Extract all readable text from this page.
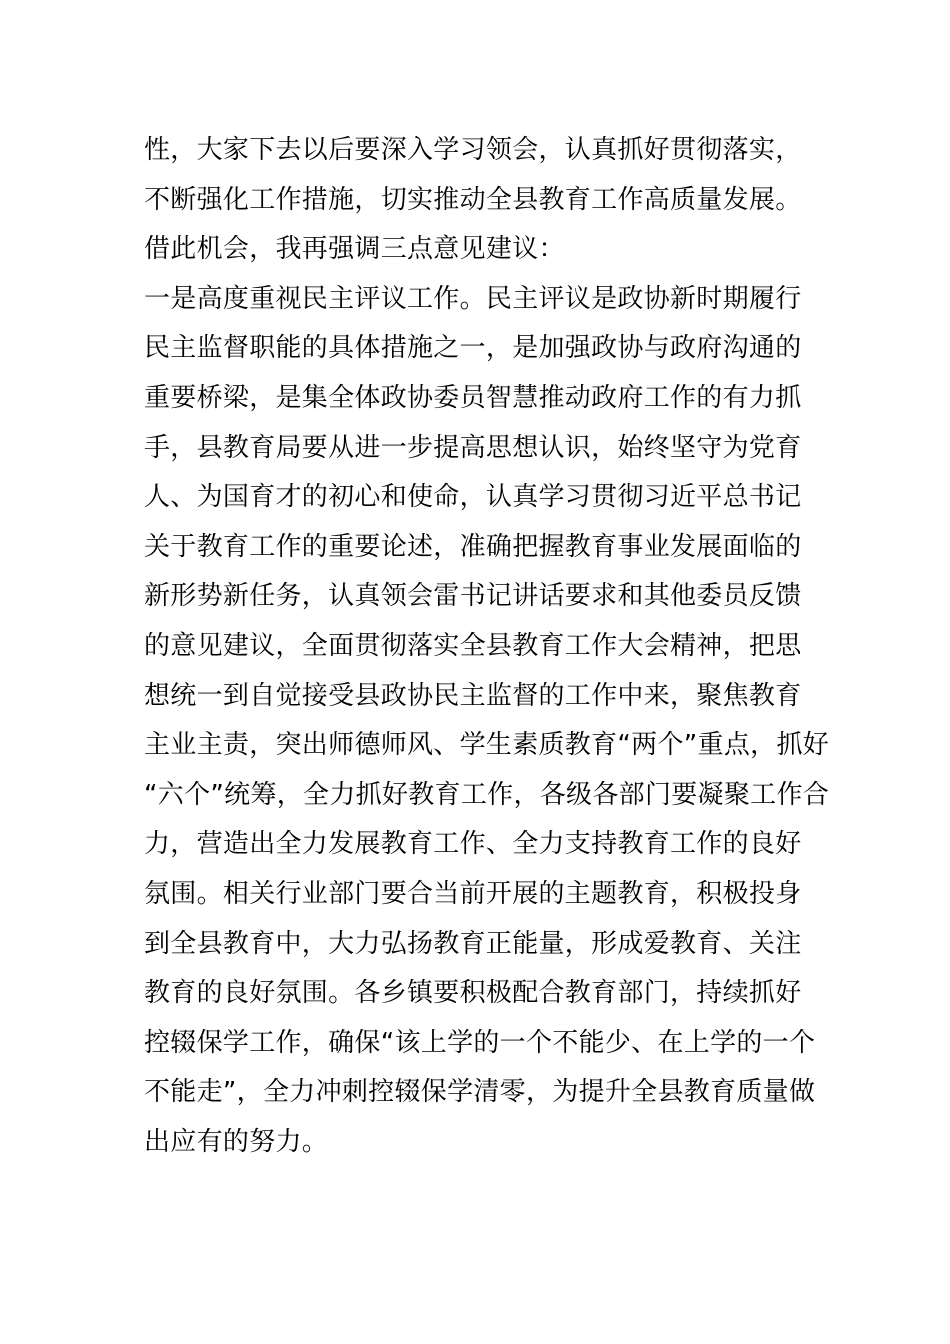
性，大家下去以后要深入学习领会，认真抓好贯彻落实，
不断强化工作措施，切实推动全县教育工作高质量发展。
借此机会，我再强调三点意见建议：
一是高度重视民主评议工作。民主评议是政协新时期履行
民主监督职能的具体措施之一，是加强政协与政府沟通的
重要桥梁，是集全体政协委员智慧推动政府工作的有力抓
手，县教育局要从进一步提高思想认识，始终坚守为党育
人、为国育才的初心和使命，认真学习贯彻习近平总书记
关于教育工作的重要论述，准确把握教育事业发展面临的
新形势新任务，认真领会雷书记讲话要求和其他委员反馈
的意见建议，全面贯彻落实全县教育工作大会精神，把思
想统一到自觉接受县政协民主监督的工作中来，聚焦教育
主业主责，突出师德师风、学生素质教育“两个”重点，抓好
“六个”统筹，全力抓好教育工作，各级各部门要凝聚工作合
力，营造出全力发展教育工作、全力支持教育工作的良好
氛围。相关行业部门要合当前开展的主题教育，积极投身
到全县教育中，大力弘扬教育正能量，形成爱教育、关注
教育的良好氛围。各乡镇要积极配合教育部门，持续抓好
控辍保学工作，确保“该上学的一个不能少、在上学的一个
不能走”，全力冲刺控辍保学清零，为提升全县教育质量做
出应有的努力。
